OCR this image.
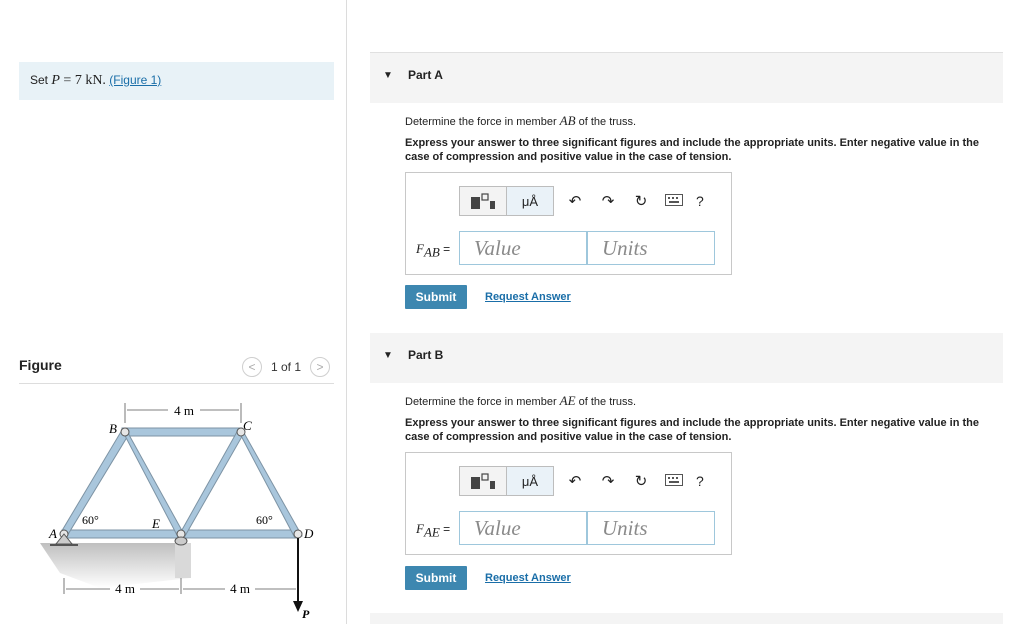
Set P = 7 kN. (Figure 1)
Figure	<	1 of 1	>
4 m
4 m	4 m
P
60°	60°
A
B	C
D
E
▼ Part A
Determine the force in member AB of the truss.
Express your answer to three significant figures and include the appropriate units. Enter negative value in the case of compression and positive value in the case of tension.
μÅ	↶	↷	↻	?
$F_{AB}$ =	Value	Units
Submit	Request Answer
▼ Part B
Determine the force in member AE of the truss.
Express your answer to three significant figures and include the appropriate units. Enter negative value in the case of compression and positive value in the case of tension.
μÅ	↶	↷	↻	?
$F_{AE}$ =	Value	Units
Submit	Request Answer
